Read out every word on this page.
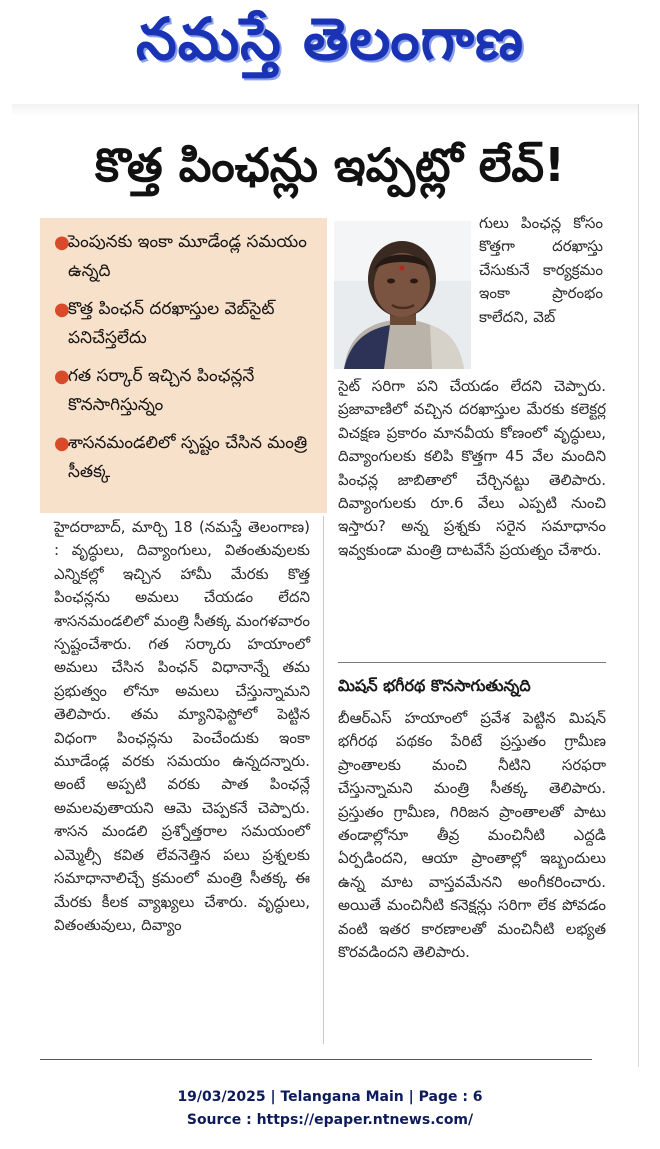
నమస్తే తెలంగాణ
కొత్త పింఛన్లు ఇప్పట్లో లేవ్!
●
పెంపునకు ఇంకా మూడేండ్ల సమయం ఉన్నది
●
కొత్త పింఛన్ దరఖాస్తుల వెబ్‌సైట్ పనిచేస్తలేదు
●
గత సర్కార్ ఇచ్చిన పింఛన్లనే కొనసాగిస్తున్నం
●
శాసనమండలిలో స్పష్టం చేసిన మంత్రి సీతక్క

గులు పింఛన్ల కోసం కొత్తగా దరఖాస్తు చేసుకునే కార్యక్రమం ఇంకా ప్రారంభం కాలేదని, వెబ్

సైట్ సరిగా పని చేయడం లేదని చెప్పారు. ప్రజావాణిలో వచ్చిన దరఖాస్తుల మేరకు కలెక్టర్ల విచక్షణ ప్రకారం మానవీయ కోణంలో వృద్ధులు, దివ్యాంగులకు కలిపి కొత్తగా 45 వేల మందిని పింఛన్ల జాబితాలో చేర్చినట్టు తెలిపారు. దివ్యాంగులకు రూ.6 వేలు ఎప్పటి నుంచి ఇస్తారు? అన్న ప్రశ్నకు సరైన సమాధానం ఇవ్వకుండా మంత్రి దాటవేసే ప్రయత్నం చేశారు.

మిషన్ భగీరథ కొనసాగుతున్నది

బీఆర్ఎస్ హయాంలో ప్రవేశ పెట్టిన మిషన్ భగీరథ పథకం పేరిటే ప్రస్తుతం గ్రామీణ ప్రాంతాలకు మంచి నీటిని సరఫరా చేస్తున్నామని మంత్రి సీతక్క తెలిపారు. ప్రస్తుతం గ్రామీణ, గిరిజన ప్రాంతాలతో పాటు తండాల్లోనూ తీవ్ర మంచినీటి ఎద్దడి ఏర్పడిందని, ఆయా ప్రాంతాల్లో ఇబ్బందులు ఉన్న మాట వాస్తవమేనని అంగీకరించారు. అయితే మంచినీటి కనెక్షన్లు సరిగా లేక పోవడం వంటి ఇతర కారణాలతో మంచినీటి లభ్యత కొరవడిందని తెలిపారు.

హైదరాబాద్, మార్చి 18 (నమస్తే తెలంగాణ) : వృద్ధులు, దివ్యాంగులు, వితంతువులకు ఎన్నికల్లో ఇచ్చిన హామీ మేరకు కొత్త పింఛన్లను అమలు చేయడం లేదని శాసనమండలిలో మంత్రి సీతక్క మంగళవారం స్పష్టంచేశారు. గత సర్కారు హయాంలో అమలు చేసిన పింఛన్ విధానాన్నే తమ ప్రభుత్వం లోనూ అమలు చేస్తున్నామని తెలిపారు. తమ మ్యానిఫెస్టోలో పెట్టిన విధంగా పింఛన్లను పెంచేందుకు ఇంకా మూడేండ్ల వరకు సమయం ఉన్నదన్నారు. అంటే అప్పటి వరకు పాత పింఛన్లే అమలవుతాయని ఆమె చెప్పకనే చెప్పారు. శాసన మండలి ప్రశ్నోత్తరాల సమయంలో ఎమ్మెల్సీ కవిత లేవనెత్తిన పలు ప్రశ్నలకు సమాధానాలిచ్చే క్రమంలో మంత్రి సీతక్క ఈ మేరకు కీలక వ్యాఖ్యలు చేశారు. వృద్ధులు, వితంతువులు, దివ్యాం

19/03/2025 | Telangana Main | Page : 6
Source : https://epaper.ntnews.com/
